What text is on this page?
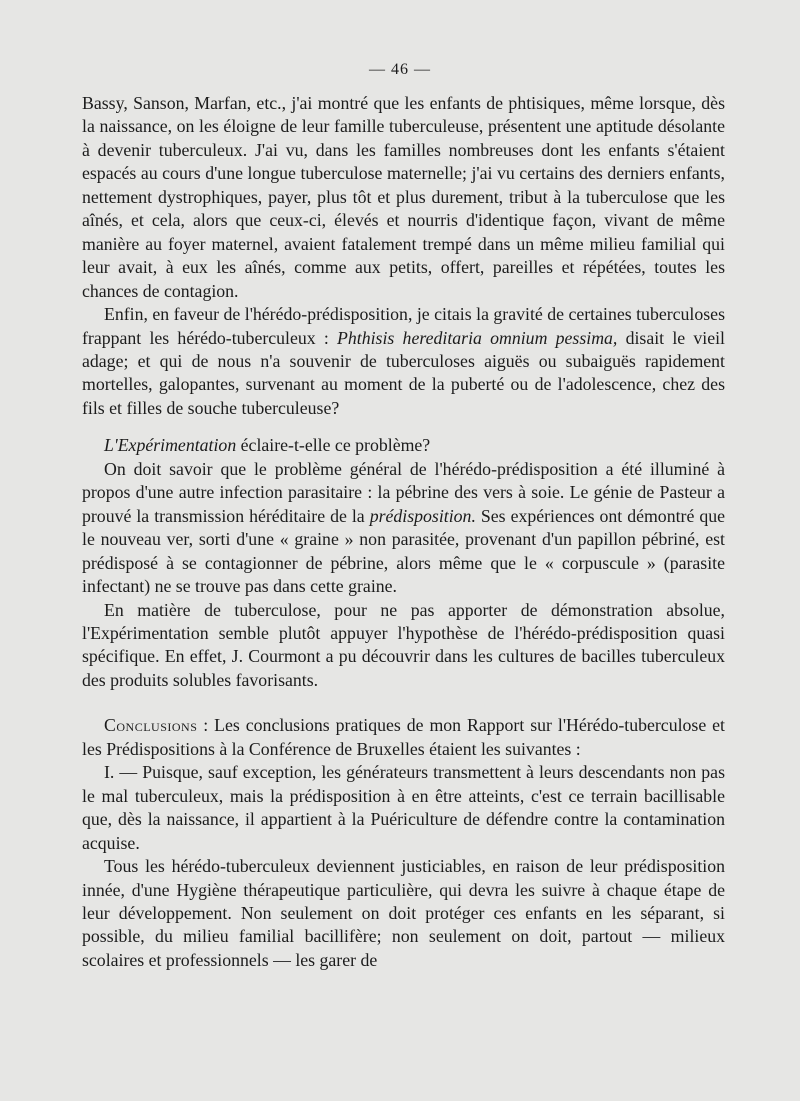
— 46 —

Bassy, Sanson, Marfan, etc., j'ai montré que les enfants de phtisiques, même lorsque, dès la naissance, on les éloigne de leur famille tuberculeuse, présentent une aptitude désolante à devenir tuberculeux. J'ai vu, dans les familles nombreuses dont les enfants s'étaient espacés au cours d'une longue tuberculose maternelle; j'ai vu certains des derniers enfants, nettement dystrophiques, payer, plus tôt et plus durement, tribut à la tuberculose que les aînés, et cela, alors que ceux-ci, élevés et nourris d'identique façon, vivant de même manière au foyer maternel, avaient fatalement trempé dans un même milieu familial qui leur avait, à eux les aînés, comme aux petits, offert, pareilles et répétées, toutes les chances de contagion.

Enfin, en faveur de l'hérédo-prédisposition, je citais la gravité de certaines tuberculoses frappant les hérédo-tuberculeux : Phthisis hereditaria omnium pessima, disait le vieil adage; et qui de nous n'a souvenir de tuberculoses aiguës ou subaiguës rapidement mortelles, galopantes, survenant au moment de la puberté ou de l'adolescence, chez des fils et filles de souche tuberculeuse?

L'Expérimentation éclaire-t-elle ce problème?

On doit savoir que le problème général de l'hérédo-prédisposition a été illuminé à propos d'une autre infection parasitaire : la pébrine des vers à soie. Le génie de Pasteur a prouvé la transmission héréditaire de la prédisposition. Ses expériences ont démontré que le nouveau ver, sorti d'une « graine » non parasitée, provenant d'un papillon pébriné, est prédisposé à se contagionner de pébrine, alors même que le « corpuscule » (parasite infectant) ne se trouve pas dans cette graine.

En matière de tuberculose, pour ne pas apporter de démonstration absolue, l'Expérimentation semble plutôt appuyer l'hypothèse de l'hérédo-prédisposition quasi spécifique. En effet, J. Courmont a pu découvrir dans les cultures de bacilles tuberculeux des produits solubles favorisants.

Conclusions : Les conclusions pratiques de mon Rapport sur l'Hérédo-tuberculose et les Prédispositions à la Conférence de Bruxelles étaient les suivantes :

I. — Puisque, sauf exception, les générateurs transmettent à leurs descendants non pas le mal tuberculeux, mais la prédisposition à en être atteints, c'est ce terrain bacillisable que, dès la naissance, il appartient à la Puériculture de défendre contre la contamination acquise.

Tous les hérédo-tuberculeux deviennent justiciables, en raison de leur prédisposition innée, d'une Hygiène thérapeutique particulière, qui devra les suivre à chaque étape de leur développement. Non seulement on doit protéger ces enfants en les séparant, si possible, du milieu familial bacillifère; non seulement on doit, partout — milieux scolaires et professionnels — les garer de
